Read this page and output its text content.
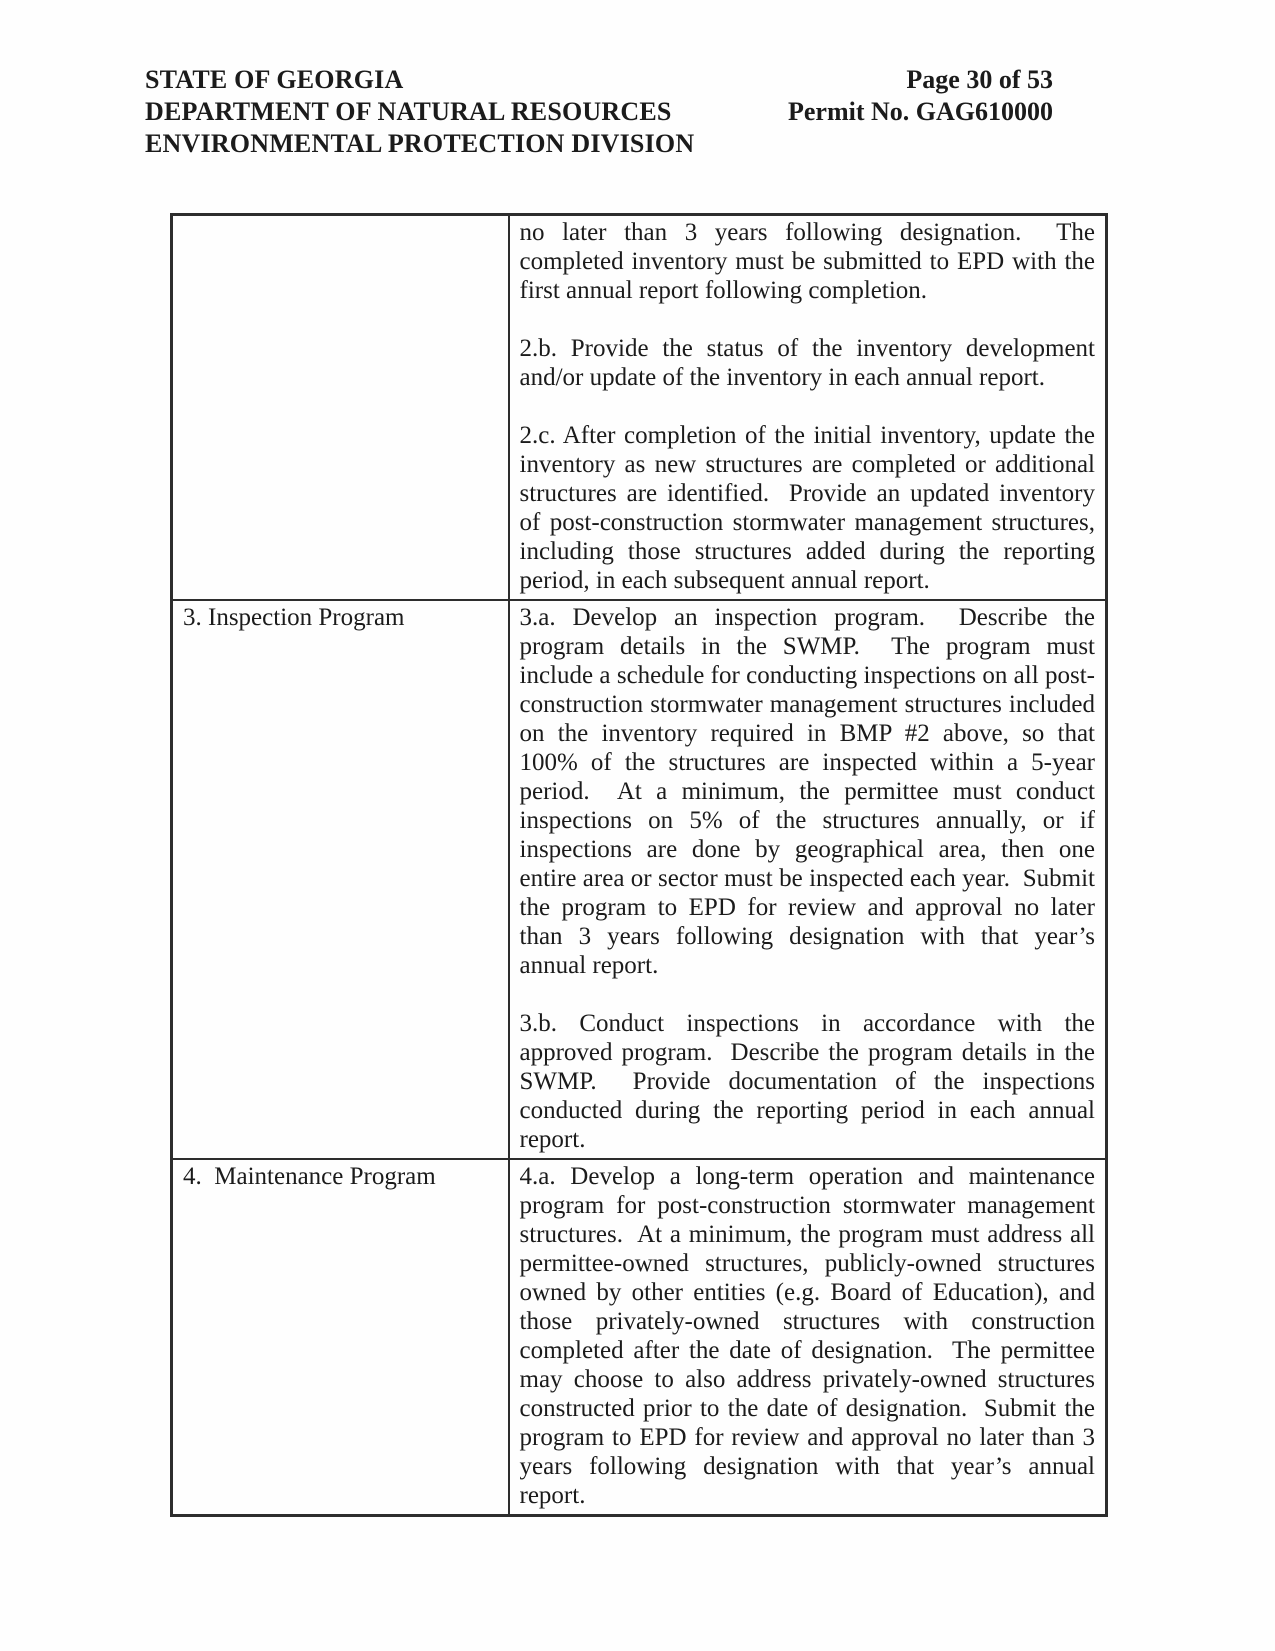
STATE OF GEORGIA
DEPARTMENT OF NATURAL RESOURCES
ENVIRONMENTAL PROTECTION DIVISION
Page 30 of 53
Permit No. GAG610000

	no later than 3 years following designation.  The completed inventory must be submitted to EPD with the first annual report following completion.

2.b. Provide the status of the inventory development and/or update of the inventory in each annual report.

2.c. After completion of the initial inventory, update the inventory as new structures are completed or additional structures are identified.  Provide an updated inventory of post-construction stormwater management structures, including those structures added during the reporting period, in each subsequent annual report.

3. Inspection Program	3.a. Develop an inspection program.  Describe the program details in the SWMP.  The program must include a schedule for conducting inspections on all post-construction stormwater management structures included on the inventory required in BMP #2 above, so that 100% of the structures are inspected within a 5-year period.  At a minimum, the permittee must conduct inspections on 5% of the structures annually, or if inspections are done by geographical area, then one entire area or sector must be inspected each year.  Submit the program to EPD for review and approval no later than 3 years following designation with that year’s annual report.

3.b. Conduct inspections in accordance with the approved program.  Describe the program details in the SWMP.  Provide documentation of the inspections conducted during the reporting period in each annual report.

4.  Maintenance Program	4.a. Develop a long-term operation and maintenance program for post-construction stormwater management structures.  At a minimum, the program must address all permittee-owned structures, publicly-owned structures owned by other entities (e.g. Board of Education), and those privately-owned structures with construction completed after the date of designation.  The permittee may choose to also address privately-owned structures constructed prior to the date of designation.  Submit the program to EPD for review and approval no later than 3 years following designation with that year’s annual report.
